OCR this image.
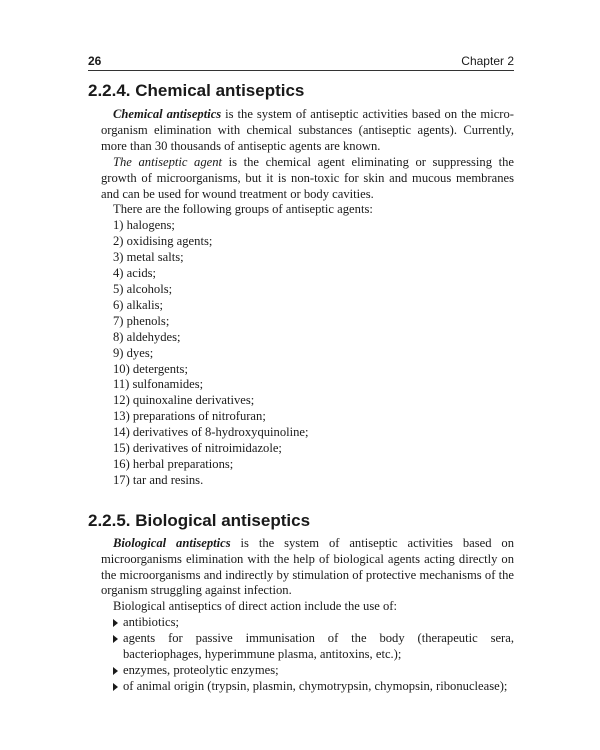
26	Chapter 2
2.2.4. Chemical antiseptics

Chemical antiseptics is the system of antiseptic activities based on the micro-organism elimination with chemical substances (antiseptic agents). Currently, more than 30 thousands of antiseptic agents are known.

The antiseptic agent is the chemical agent eliminating or suppressing the growth of microorganisms, but it is non-toxic for skin and mucous membranes and can be used for wound treatment or body cavities.

There are the following groups of antiseptic agents:

1) halogens;
2) oxidising agents;
3) metal salts;
4) acids;
5) alcohols;
6) alkalis;
7) phenols;
8) aldehydes;
9) dyes;
10) detergents;
11) sulfonamides;
12) quinoxaline derivatives;
13) preparations of nitrofuran;
14) derivatives of 8-hydroxyquinoline;
15) derivatives of nitroimidazole;
16) herbal preparations;
17) tar and resins.
2.2.5. Biological antiseptics

Biological antiseptics is the system of antiseptic activities based on microorganisms elimination with the help of biological agents acting directly on the microorganisms and indirectly by stimulation of protective mechanisms of the organism struggling against infection.

Biological antiseptics of direct action include the use of:

antibiotics;
agents for passive immunisation of the body (therapeutic sera, bacteriophages, hyperimmune plasma, antitoxins, etc.);
enzymes, proteolytic enzymes;
of animal origin (trypsin, plasmin, chymotrypsin, chymopsin, ribonuclease);
